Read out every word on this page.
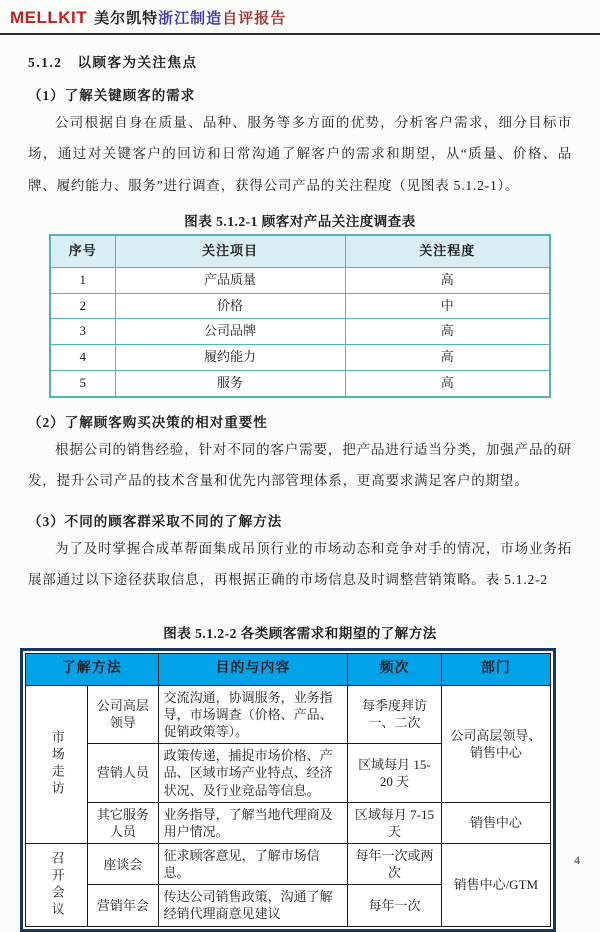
MELLKIT 美尔凯特 浙江制造 自评报告
5.1.2　以顾客为关注焦点
（1）了解关键顾客的需求
公司根据自身在质量、品种、服务等多方面的优势，分析客户需求，细分目标市场，通过对关键客户的回访和日常沟通了解客户的需求和期望，从“质量、价格、品牌、履约能力、服务”进行调查，获得公司产品的关注程度（见图表 5.1.2-1）。
图表 5.1.2-1 顾客对产品关注度调查表
序号	关注项目	关注程度
1	产品质量	高
2	价格	中
3	公司品牌	高
4	履约能力	高
5	服务	高
（2）了解顾客购买决策的相对重要性
根据公司的销售经验，针对不同的客户需要，把产品进行适当分类，加强产品的研发，提升公司产品的技术含量和优先内部管理体系，更高要求满足客户的期望。
（3）不同的顾客群采取不同的了解方法
为了及时掌握合成革帮面集成吊顶行业的市场动态和竞争对手的情况，市场业务拓展部通过以下途径获取信息，再根据正确的市场信息及时调整营销策略。表 5.1.2-2
图表 5.1.2-2 各类顾客需求和期望的了解方法
了解方法		目的与内容	频次	部门

市场走访	公司高层领导	交流沟通，协调服务，业务指导，市场调查（价格、产品、促销政策等）。	每季度拜访一、二次	公司高层领导、销售中心
	营销人员	政策传递，捕捉市场价格、产品、区域市场产业特点、经济状况、及行业竞品等信息。	区域每月 15-20 天	
	其它服务人员	业务指导，了解当地代理商及用户情况。	区域每月 7-15 天	销售中心

召开会议	座谈会	征求顾客意见，了解市场信息。	每年一次或两次	销售中心/GTM
	营销年会	传达公司销售政策，沟通了解经销代理商意见建议	每年一次	
4
